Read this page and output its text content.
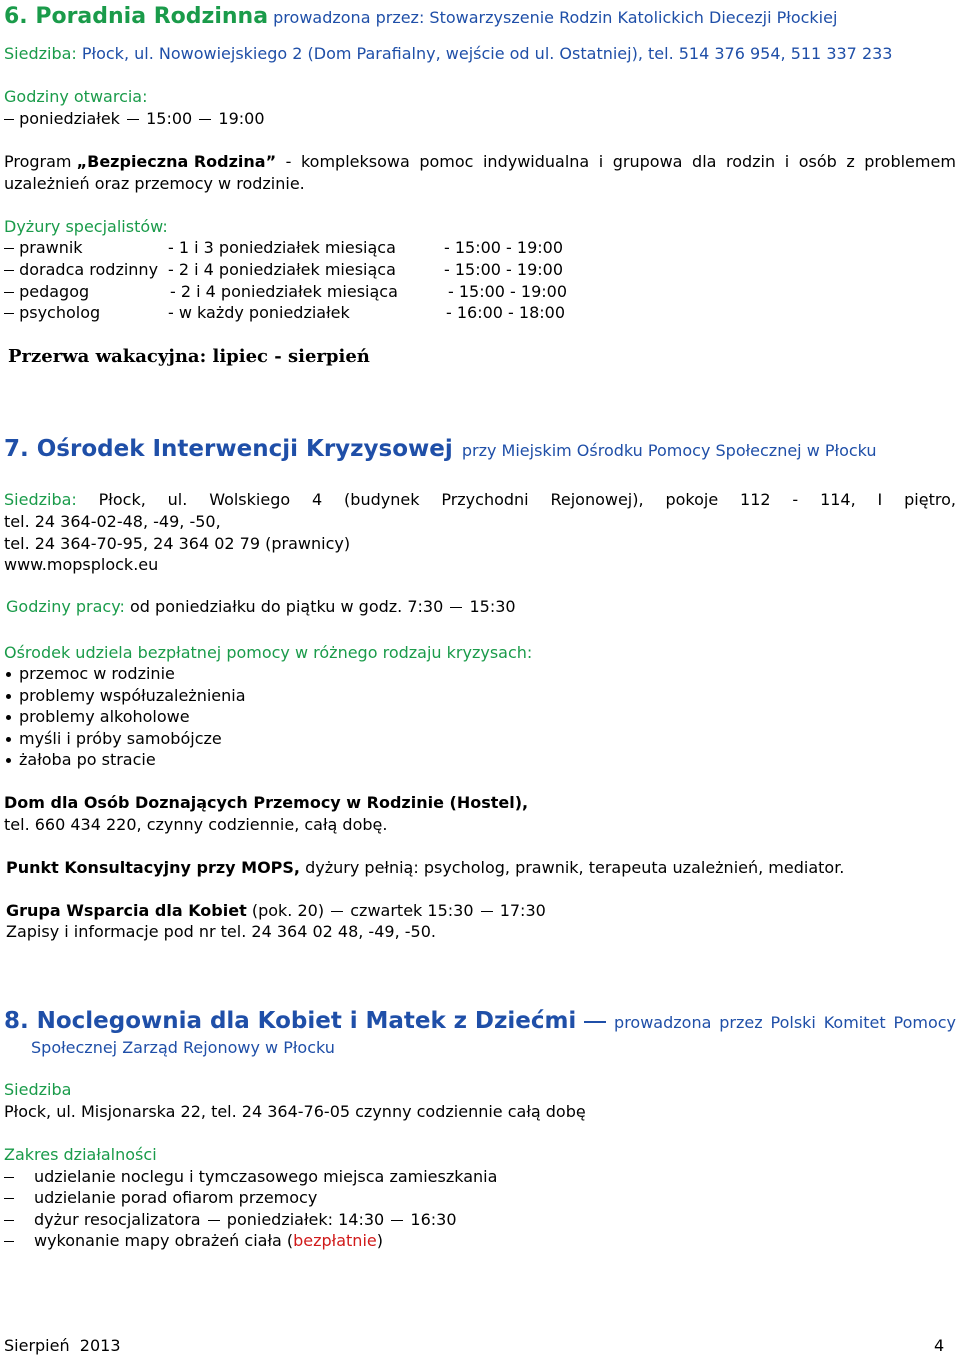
6. Poradnia Rodzinna prowadzona przez: Stowarzyszenie Rodzin Katolickich Diecezji Płockiej
Siedziba: Płock, ul. Nowowiejskiego 2 (Dom Parafialny, wejście od ul. Ostatniej), tel. 514 376 954, 511 337 233
Godziny otwarcia:
poniedziałek 15:00 19:00
Program „Bezpieczna Rodzina” - kompleksowa pomoc indywidualna i grupowa dla rodzin i osób z problemem
uzależnień oraz przemocy w rodzinie.
Dyżury specjalistów:
prawnik	- 1 i 3 poniedziałek miesiąca	- 15:00 - 19:00
doradca rodzinny - 2 i 4 poniedziałek miesiąca	- 15:00 - 19:00
pedagog	- 2 i 4 poniedziałek miesiąca	- 15:00 - 19:00
psycholog	- w każdy poniedziałek	- 16:00 - 18:00
Przerwa wakacyjna: lipiec - sierpień
7. Ośrodek Interwencji Kryzysowej przy Miejskim Ośrodku Pomocy Społecznej w Płocku
Siedziba: Płock, ul. Wolskiego 4 (budynek Przychodni Rejonowej), pokoje 112 - 114, I piętro,
tel. 24 364-02-48, -49, -50,
tel. 24 364-70-95, 24 364 02 79 (prawnicy)
www.mopsplock.eu
Godziny pracy: od poniedziałku do piątku w godz. 7:30 15:30
Ośrodek udziela bezpłatnej pomocy w różnego rodzaju kryzysach:
przemoc w rodzinie
problemy współuzależnienia
problemy alkoholowe
myśli i próby samobójcze
żałoba po stracie
Dom dla Osób Doznających Przemocy w Rodzinie (Hostel),
tel. 660 434 220, czynny codziennie, całą dobę.
Punkt Konsultacyjny przy MOPS, dyżury pełnią: psycholog, prawnik, terapeuta uzależnień, mediator.
Grupa Wsparcia dla Kobiet (pok. 20) czwartek 15:30 17:30
Zapisy i informacje pod nr tel. 24 364 02 48, -49, -50.
8. Noclegownia dla Kobiet i Matek z Dziećmi prowadzona przez Polski Komitet Pomocy
Społecznej Zarząd Rejonowy w Płocku
Siedziba
Płock, ul. Misjonarska 22, tel. 24 364-76-05 czynny codziennie całą dobę
Zakres działalności
udzielanie noclegu i tymczasowego miejsca zamieszkania
udzielanie porad ofiarom przemocy
dyżur resocjalizatora poniedziałek: 14:30 16:30
wykonanie mapy obrażeń ciała (bezpłatnie)
Sierpień  2013	4
